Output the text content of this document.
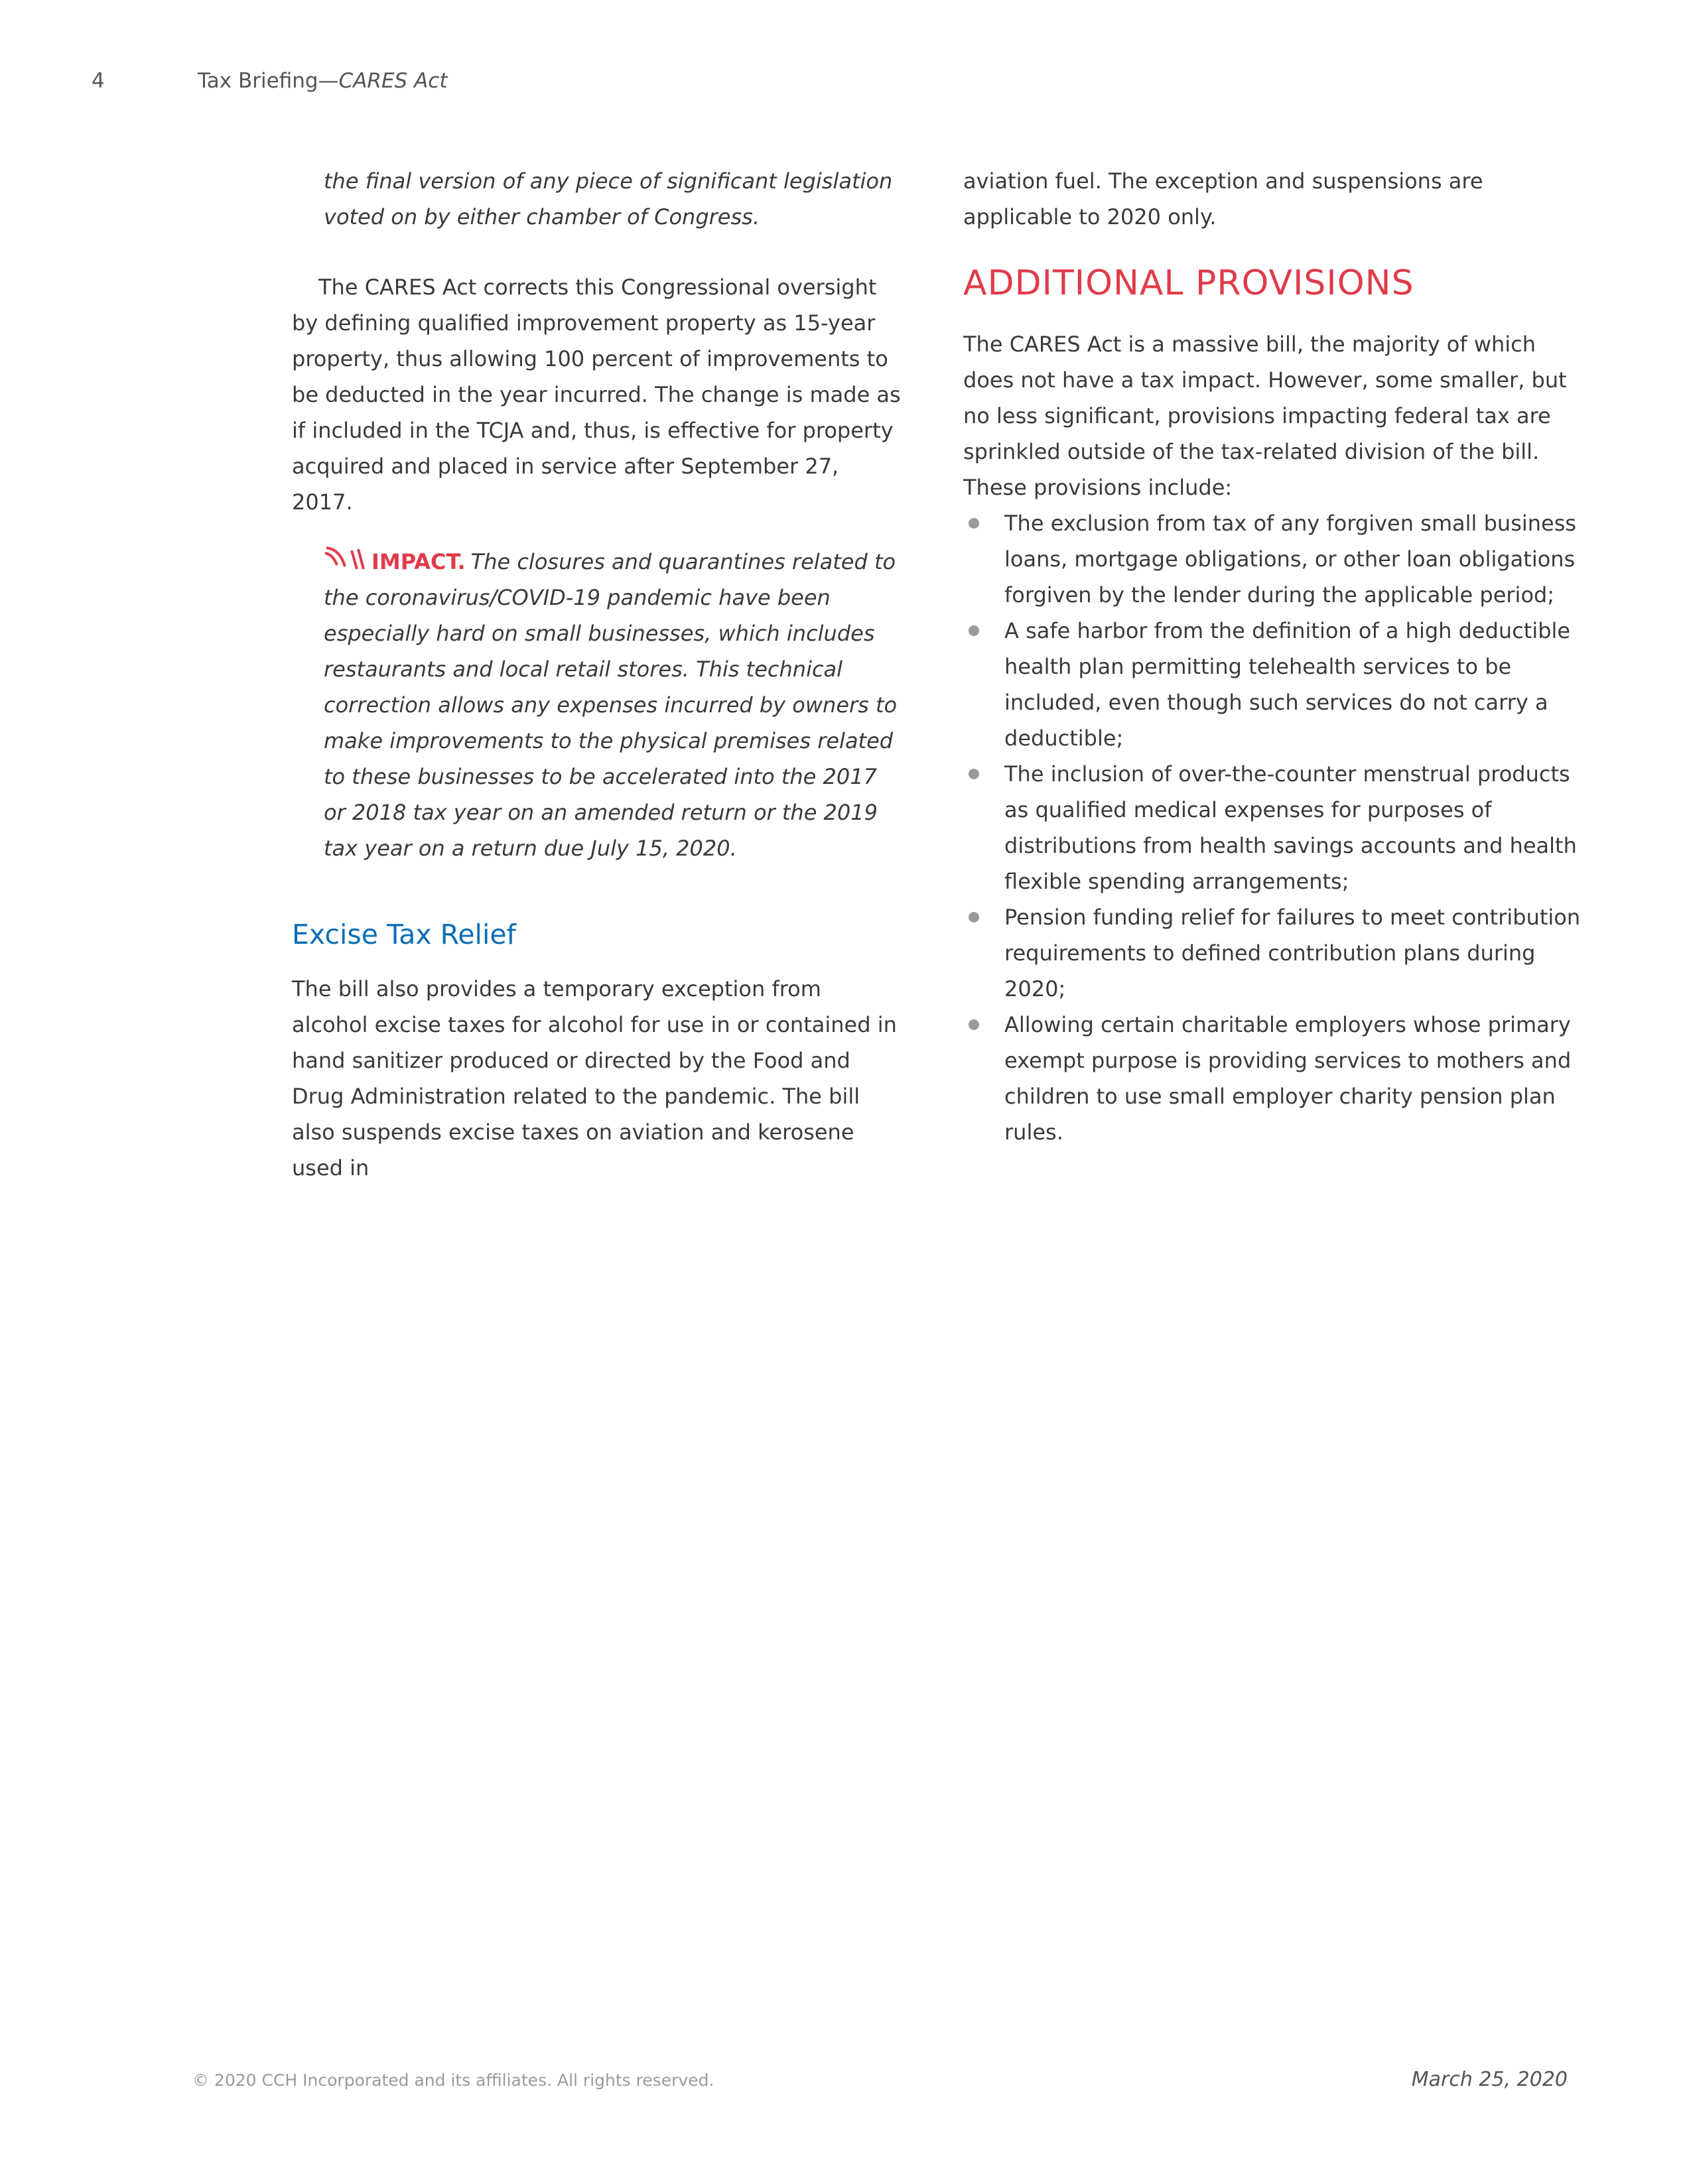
4	Tax Briefing—CARES Act

the final version of any piece of significant legislation voted on by either chamber of Congress.

The CARES Act corrects this Congressional oversight by defining qualified improvement property as 15-year property, thus allowing 100 percent of improvements to be deducted in the year incurred. The change is made as if included in the TCJA and, thus, is effective for property acquired and placed in service after September 27, 2017.

IMPACT. The closures and quarantines related to the coronavirus/COVID-19 pandemic have been especially hard on small businesses, which includes restaurants and local retail stores. This technical correction allows any expenses incurred by owners to make improvements to the physical premises related to these businesses to be accelerated into the 2017 or 2018 tax year on an amended return or the 2019 tax year on a return due July 15, 2020.
Excise Tax Relief

The bill also provides a temporary exception from alcohol excise taxes for alcohol for use in or contained in hand sanitizer produced or directed by the Food and Drug Administration related to the pandemic. The bill also suspends excise taxes on aviation and kerosene used in

aviation fuel. The exception and suspensions are applicable to 2020 only.

ADDITIONAL PROVISIONS

The CARES Act is a massive bill, the majority of which does not have a tax impact. However, some smaller, but no less significant, provisions impacting federal tax are sprinkled outside of the tax-related division of the bill. These provisions include:

The exclusion from tax of any forgiven small business loans, mortgage obligations, or other loan obligations forgiven by the lender during the applicable period;
A safe harbor from the definition of a high deductible health plan permitting telehealth services to be included, even though such services do not carry a deductible;
The inclusion of over-the-counter menstrual products as qualified medical expenses for purposes of distributions from health savings accounts and health flexible spending arrangements;
Pension funding relief for failures to meet contribution requirements to defined contribution plans during 2020;
Allowing certain charitable employers whose primary exempt purpose is providing services to mothers and children to use small employer charity pension plan rules.
© 2020 CCH Incorporated and its affiliates. All rights reserved.	March 25, 2020
